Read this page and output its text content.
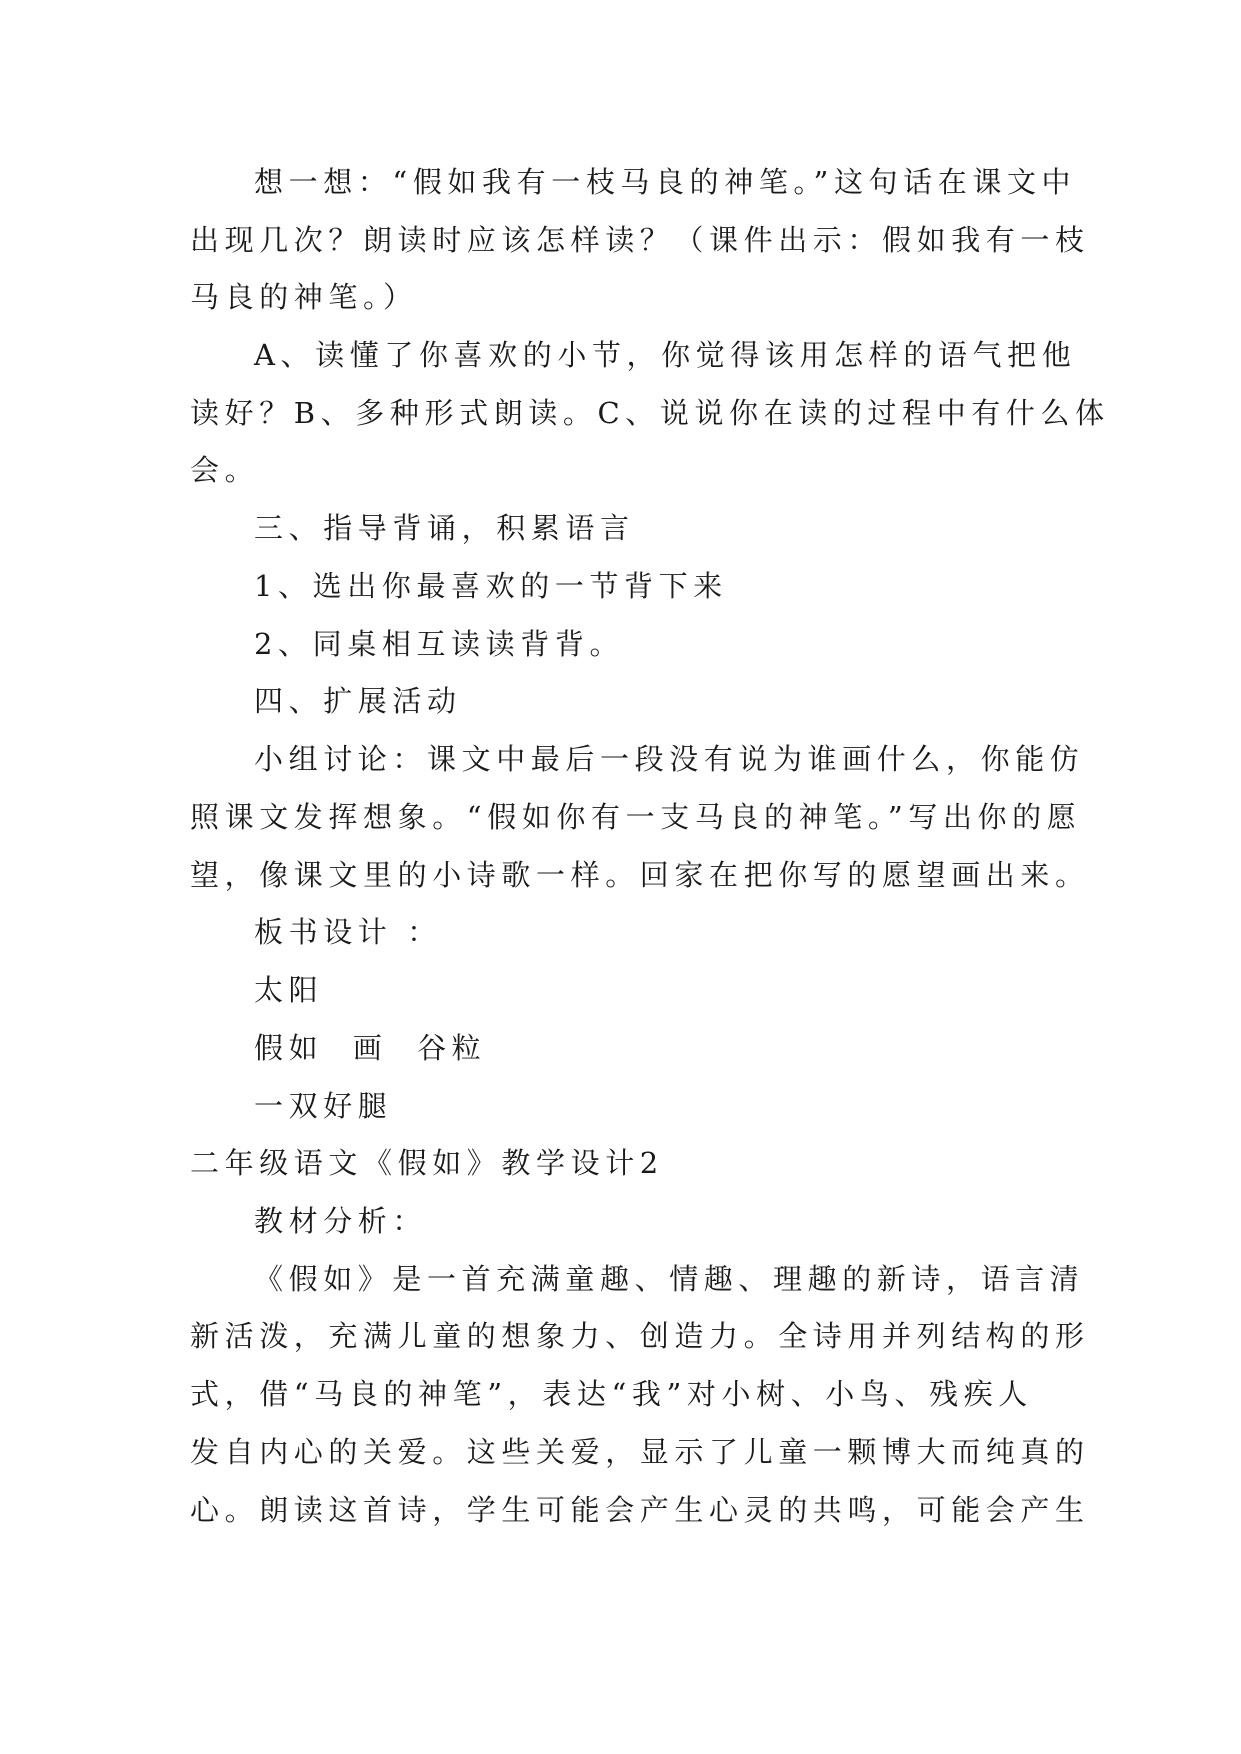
想一想：“假如我有一枝马良的神笔。”这句话在课文中

出现几次？朗读时应该怎样读？（课件出示：假如我有一枝

马良的神笔。）

A、读懂了你喜欢的小节，你觉得该用怎样的语气把他

读好？B、多种形式朗读。C、说说你在读的过程中有什么体

会。

三、指导背诵，积累语言

1、选出你最喜欢的一节背下来

2、同桌相互读读背背。

四、扩展活动

小组讨论：课文中最后一段没有说为谁画什么，你能仿

照课文发挥想象。“假如你有一支马良的神笔。”写出你的愿

望，像课文里的小诗歌一样。回家在把你写的愿望画出来。

板书设计 ：

太阳

假如  画  谷粒

一双好腿

二年级语文《假如》教学设计2

教材分析：

《假如》是一首充满童趣、情趣、理趣的新诗，语言清

新活泼，充满儿童的想象力、创造力。全诗用并列结构的形

式，借“马良的神笔”，表达“我”对小树、小鸟、残疾人

发自内心的关爱。这些关爱，显示了儿童一颗博大而纯真的

心。朗读这首诗，学生可能会产生心灵的共鸣，可能会产生
